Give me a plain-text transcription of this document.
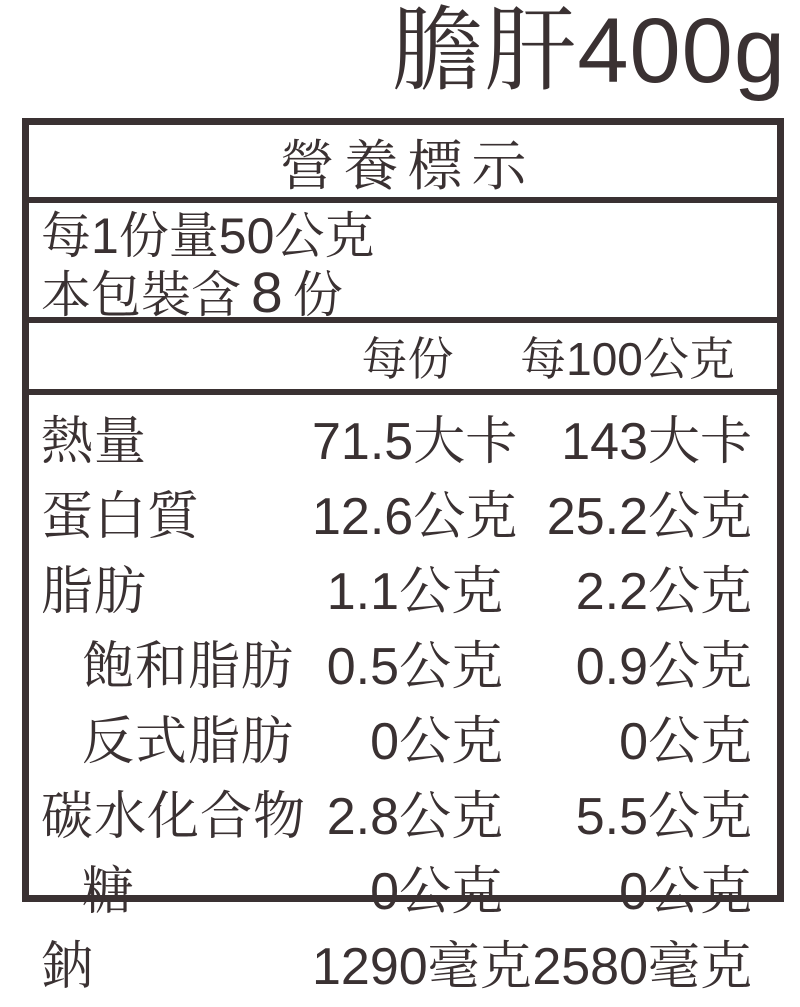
膽肝400g
營養標示
每1份量50公克
本包裝含 8 份
每份	每100公克
熱量	71.5大卡 143大卡
蛋白質	12.6公克 25.2公克
脂肪	1.1公克	2.2公克
飽和脂肪 0.5公克	0.9公克
反式脂肪	0公克	0公克
碳水化合物 2.8公克	5.5公克
糖	0公克	0公克
鈉	1290毫克 2580毫克
